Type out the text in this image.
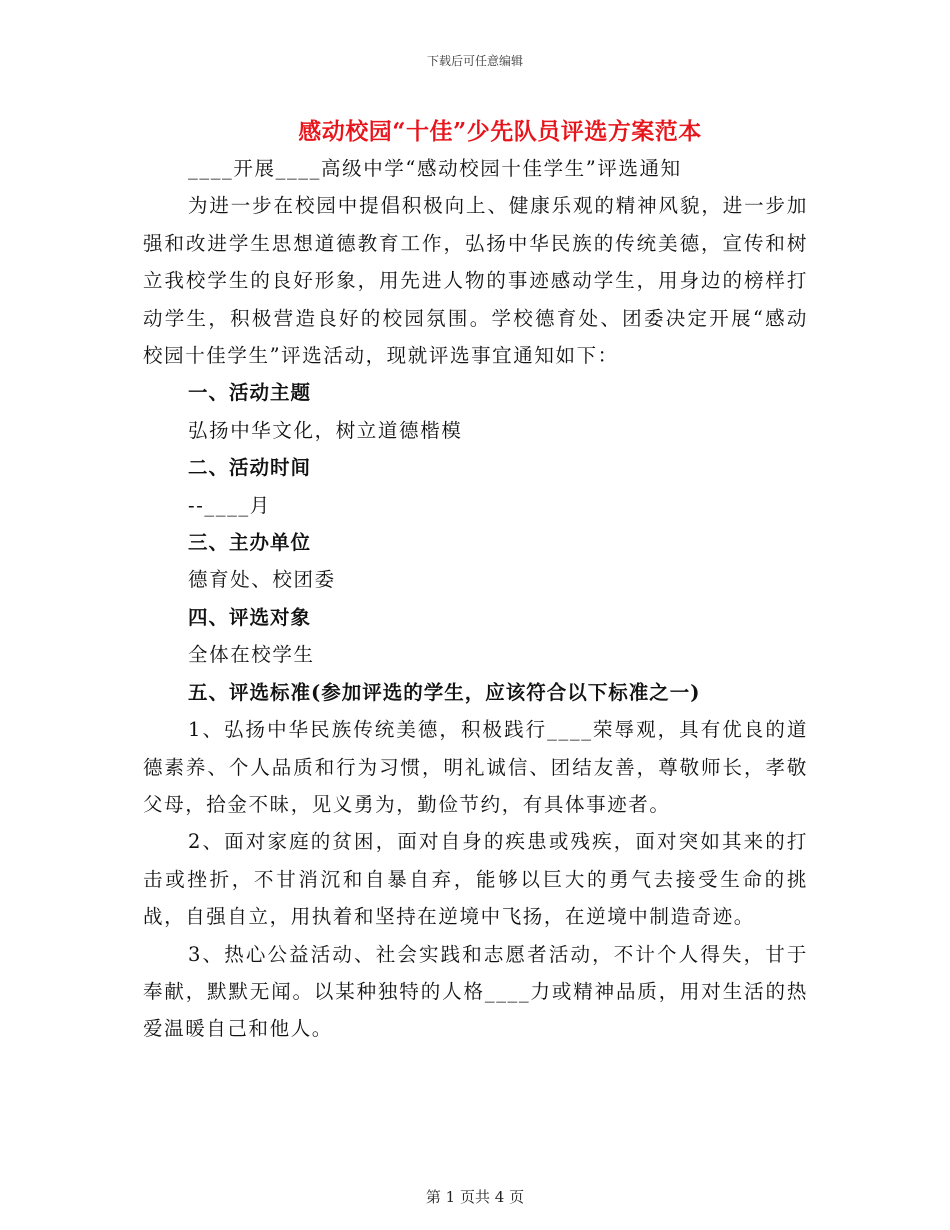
下载后可任意编辑
感动校园“十佳”少先队员评选方案范本

____开展____高级中学“感动校园十佳学生”评选通知

为进一步在校园中提倡积极向上、健康乐观的精神风貌，进一步加强和改进学生思想道德教育工作，弘扬中华民族的传统美德，宣传和树立我校学生的良好形象，用先进人物的事迹感动学生，用身边的榜样打动学生，积极营造良好的校园氛围。学校德育处、团委决定开展“感动校园十佳学生”评选活动，现就评选事宜通知如下：

一、活动主题

弘扬中华文化，树立道德楷模

二、活动时间

--____月

三、主办单位

德育处、校团委

四、评选对象

全体在校学生

五、评选标准(参加评选的学生，应该符合以下标准之一)

1、弘扬中华民族传统美德，积极践行____荣辱观，具有优良的道德素养、个人品质和行为习惯，明礼诚信、团结友善，尊敬师长，孝敬父母，拾金不昧，见义勇为，勤俭节约，有具体事迹者。

2、面对家庭的贫困，面对自身的疾患或残疾，面对突如其来的打击或挫折，不甘消沉和自暴自弃，能够以巨大的勇气去接受生命的挑战，自强自立，用执着和坚持在逆境中飞扬，在逆境中制造奇迹。

3、热心公益活动、社会实践和志愿者活动，不计个人得失，甘于奉献，默默无闻。以某种独特的人格____力或精神品质，用对生活的热爱温暖自己和他人。

第 1 页共 4 页
